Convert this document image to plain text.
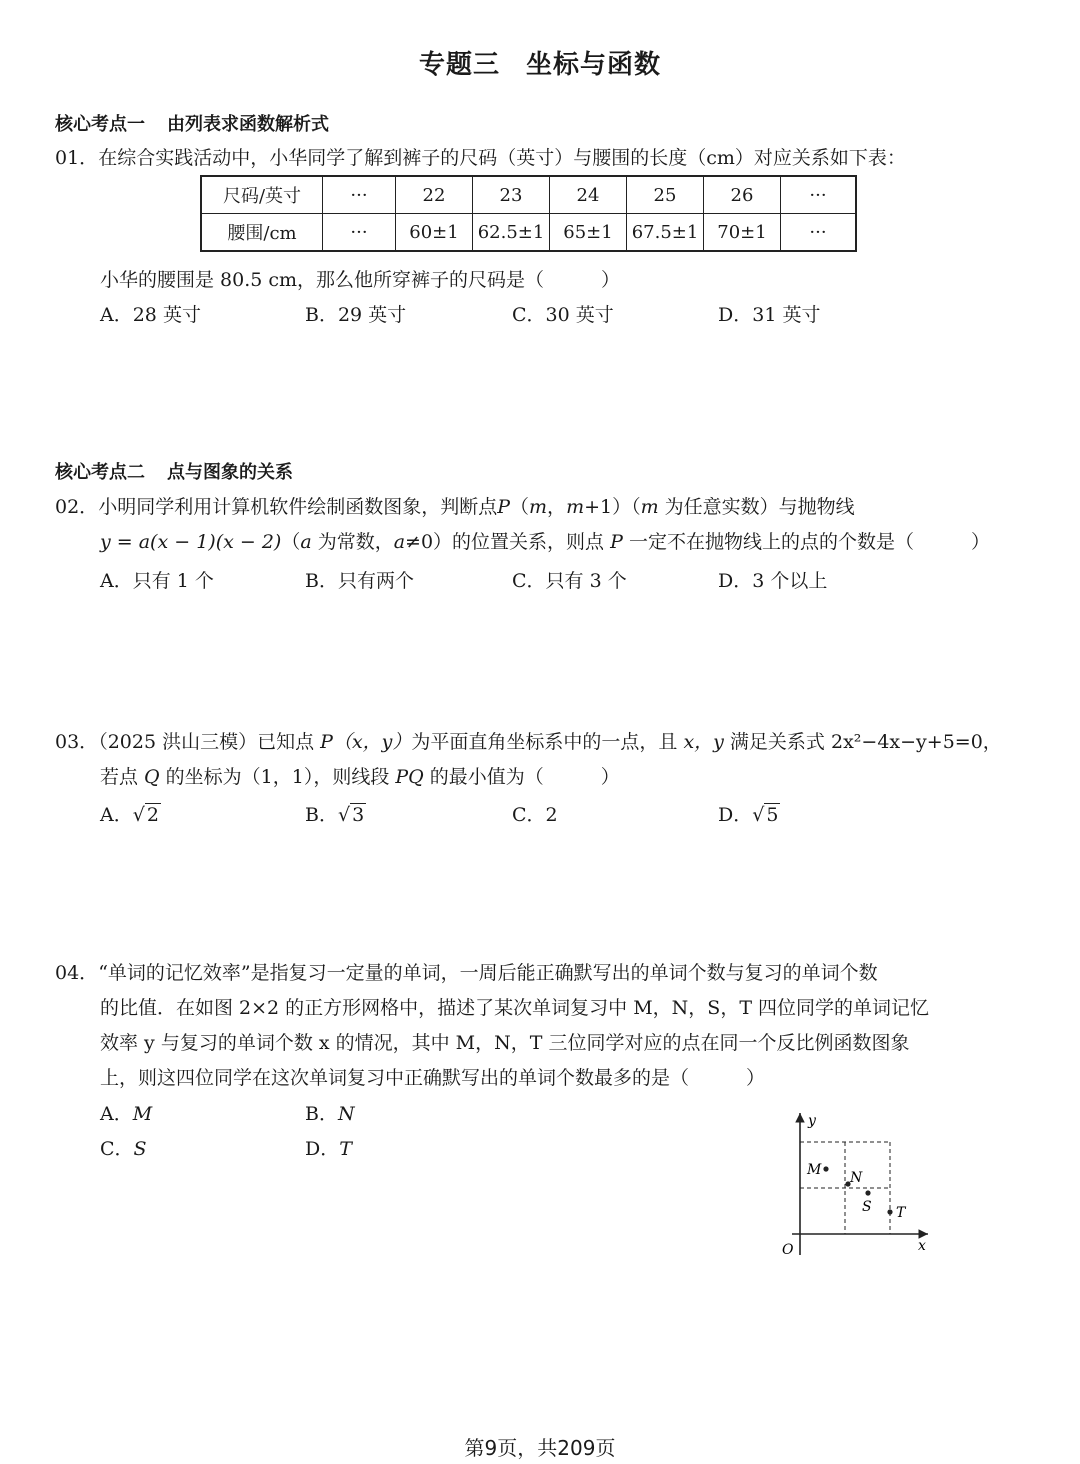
专题三 坐标与函数
核心考点一 由列表求函数解析式
01．在综合实践活动中，小华同学了解到裤子的尺码（英寸）与腰围的长度（cm）对应关系如下表：
尺码/英寸	···	22	23	24	25	26	···
腰围/cm	···	60±1	62.5±1	65±1	67.5±1	70±1	···
小华的腰围是 80.5 cm，那么他所穿裤子的尺码是（　　　）
A．28 英寸	B．29 英寸	C．30 英寸	D．31 英寸
核心考点二 点与图象的关系
02．小明同学利用计算机软件绘制函数图象，判断点P（m，m+1）（m 为任意实数）与抛物线
y = a(x − 1)(x − 2)（a 为常数，a≠0）的位置关系，则点 P 一定不在抛物线上的点的个数是（　　　）
A．只有 1 个	B．只有两个	C．只有 3 个	D．3 个以上
03．（2025 洪山三模）已知点 P（x，y）为平面直角坐标系中的一点，且 x，y 满足关系式 2x²−4x−y+5=0，
若点 Q 的坐标为（1，1），则线段 PQ 的最小值为（　　　）
A．√ 2	B．√ 3	C．2	D．√ 5
04．“单词的记忆效率”是指复习一定量的单词，一周后能正确默写出的单词个数与复习的单词个数
的比值．在如图 2×2 的正方形网格中，描述了某次单词复习中 M，N，S，T 四位同学的单词记忆
效率 y 与复习的单词个数 x 的情况，其中 M，N，T 三位同学对应的点在同一个反比例函数图象
上，则这四位同学在这次单词复习中正确默写出的单词个数最多的是（　　　）
A．M	B．N
C．S	D．T
y
x
O
M N
S T
第9页，共209页
